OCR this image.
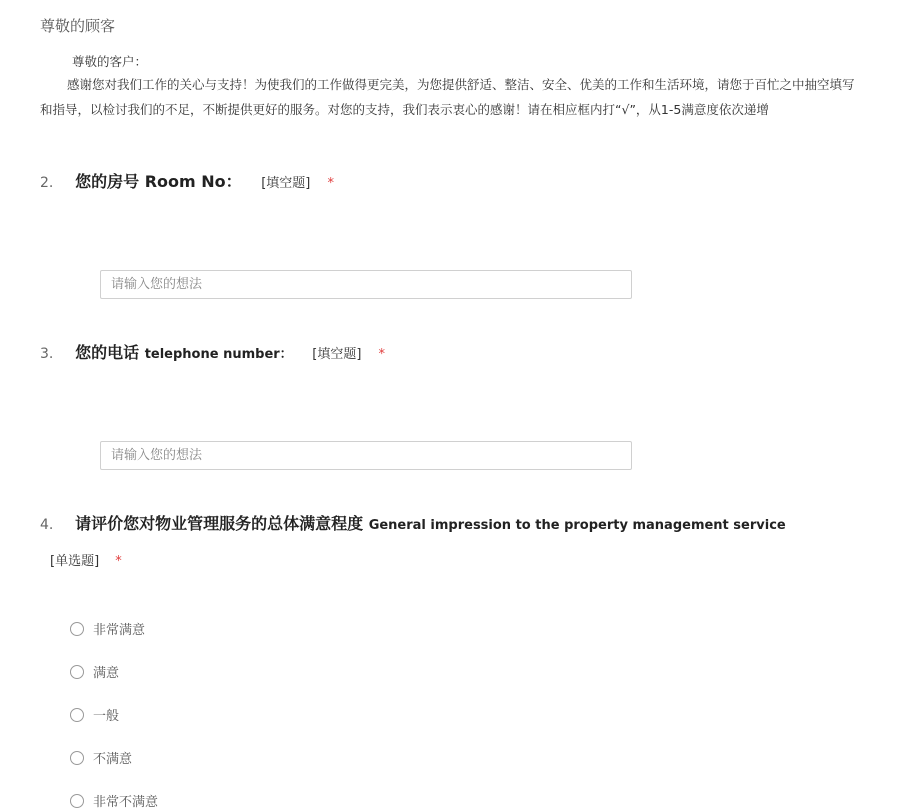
尊敬的顾客
尊敬的客户：
感谢您对我们工作的关心与支持！为使我们的工作做得更完美，为您提供舒适、整洁、安全、优美的工作和生活环境，请您于百忙之中抽空填写
和指导，以检讨我们的不足，不断提供更好的服务。对您的支持，我们表示衷心的感谢！请在相应框内打“√”，从1-5满意度依次递增
2. 您的房号 Room No： [填空题] *
请输入您的想法
3. 您的电话 telephone number： [填空题] *
请输入您的想法
4. 请评价您对物业管理服务的总体满意程度 General impression to the property management service
[单选题] *
非常满意
满意
一般
不满意
非常不满意
